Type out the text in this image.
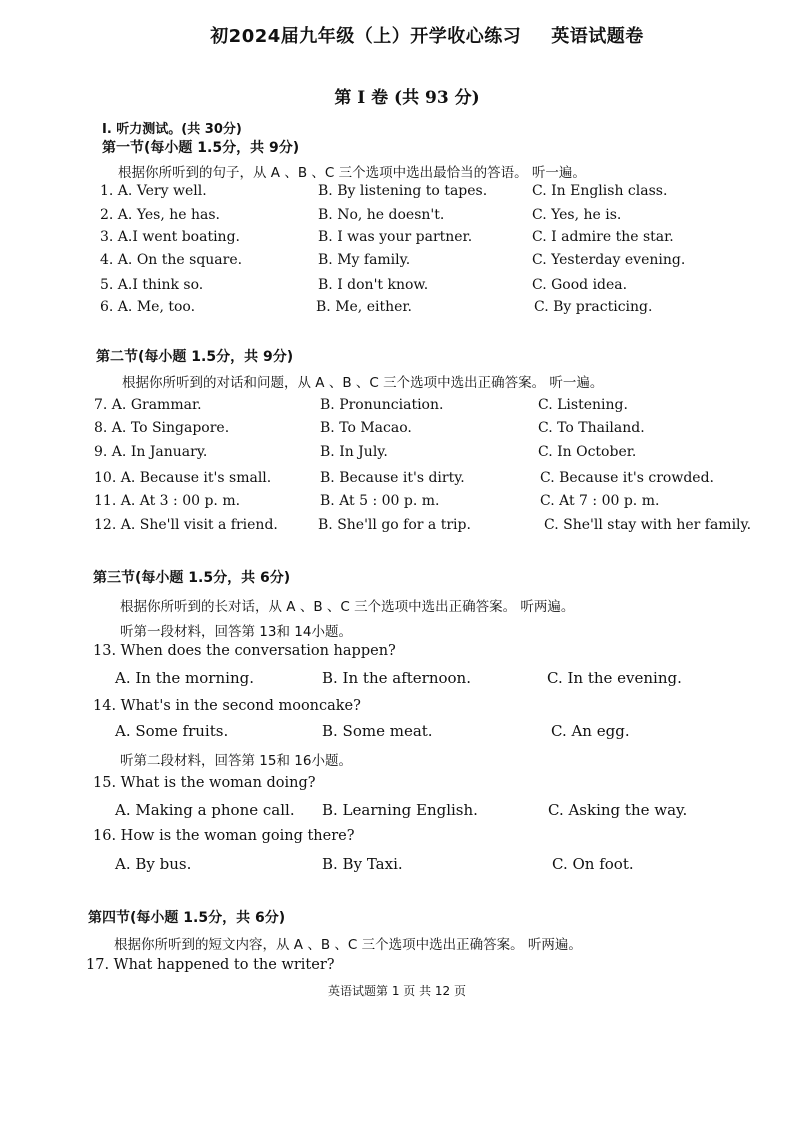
初2024届九年级（上）开学收心练习 英语试题卷
第 I 卷 (共 93 分)
I. 听力测试。(共 30分)
第一节(每小题 1.5分，共 9分)
根据你所听到的句子，从 A 、B 、C 三个选项中选出最恰当的答语。 听一遍。
1. A. Very well.	B. By listening to tapes.	C. In English class.
2. A. Yes, he has.	B. No, he doesn't.	C. Yes, he is.
3. A.I went boating.	B. I was your partner.	C. I admire the star.
4. A. On the square.	B. My family.	C. Yesterday evening.
5. A.I think so.	B. I don't know.	C. Good idea.
6. A. Me, too.	B. Me, either.	C. By practicing.
第二节(每小题 1.5分，共 9分)
根据你所听到的对话和问题，从 A 、B 、C 三个选项中选出正确答案。 听一遍。
7. A. Grammar.	B. Pronunciation.	C. Listening.
8. A. To Singapore.	B. To Macao.	C. To Thailand.
9. A. In January.	B. In July.	C. In October.
10. A. Because it's small.	B. Because it's dirty.	C. Because it's crowded.
11. A. At 3 : 00 p. m.	B. At 5 : 00 p. m.	C. At 7 : 00 p. m.
12. A. She'll visit a friend.	B. She'll go for a trip.	C. She'll stay with her family.
第三节(每小题 1.5分，共 6分)
根据你所听到的长对话，从 A 、B 、C 三个选项中选出正确答案。 听两遍。
听第一段材料，回答第 13和 14小题。
13. When does the conversation happen?
A. In the morning.	B. In the afternoon.	C. In the evening.
14. What's in the second mooncake?
A. Some fruits.	B. Some meat.	C. An egg.
听第二段材料，回答第 15和 16小题。
15. What is the woman doing?
A. Making a phone call. B. Learning English.	C. Asking the way.
16. How is the woman going there?
A. By bus.	B. By Taxi.	C. On foot.
第四节(每小题 1.5分，共 6分)
根据你所听到的短文内容，从 A 、B 、C 三个选项中选出正确答案。 听两遍。
17. What happened to the writer?
英语试题第 1 页 共 12 页
